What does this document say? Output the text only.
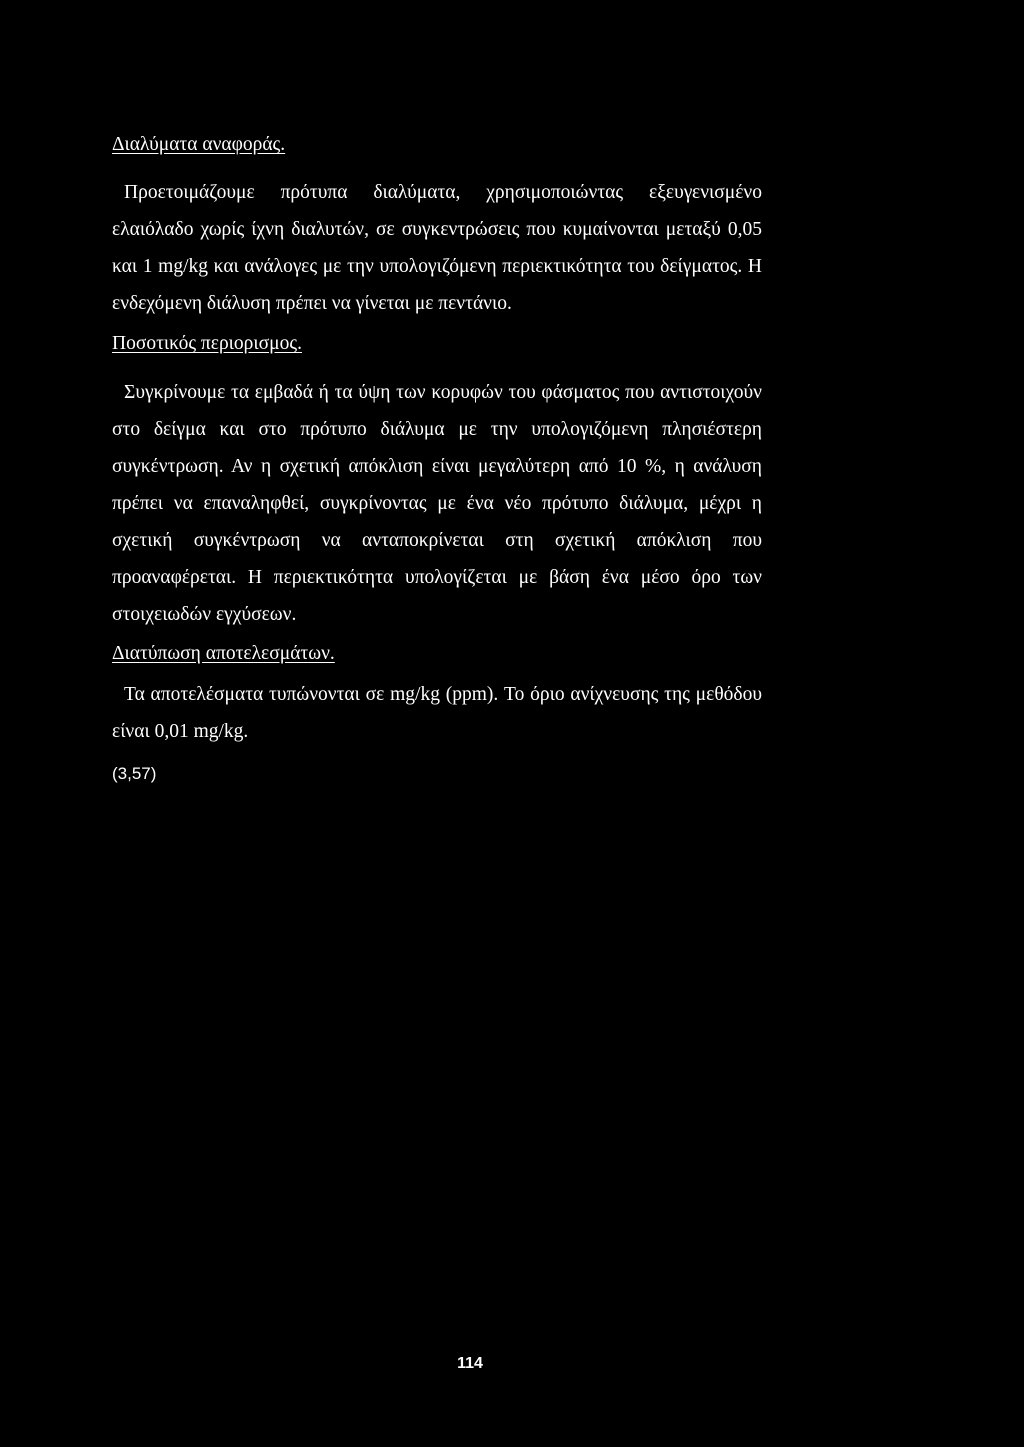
Διαλύματα αναφοράς.

Προετοιμάζουμε πρότυπα διαλύματα, χρησιμοποιώντας εξευγενισμένο ελαιόλαδο χωρίς ίχνη διαλυτών, σε συγκεντρώσεις που κυμαίνονται μεταξύ 0,05 και 1 mg/kg και ανάλογες με την υπολογιζόμενη περιεκτικότητα του δείγματος. Η ενδεχόμενη διάλυση πρέπει να γίνεται με πεντάνιο.

Ποσοτικός περιορισμος.

Συγκρίνουμε τα εμβαδά ή τα ύψη των κορυφών του φάσματος που αντιστοιχούν στο δείγμα και στο πρότυπο διάλυμα με την υπολογιζόμενη πλησιέστερη συγκέντρωση. Αν η σχετική απόκλιση είναι μεγαλύτερη από 10 %, η ανάλυση πρέπει να επαναληφθεί, συγκρίνοντας με ένα νέο πρότυπο διάλυμα, μέχρι η σχετική συγκέντρωση να ανταποκρίνεται στη σχετική απόκλιση που προαναφέρεται. Η περιεκτικότητα υπολογίζεται με βάση ένα μέσο όρο των στοιχειωδών εγχύσεων.

Διατύπωση αποτελεσμάτων.

Τα αποτελέσματα τυπώνονται σε mg/kg (ppm). Το όριο ανίχνευσης της μεθόδου είναι 0,01 mg/kg.

(3,57)
114
